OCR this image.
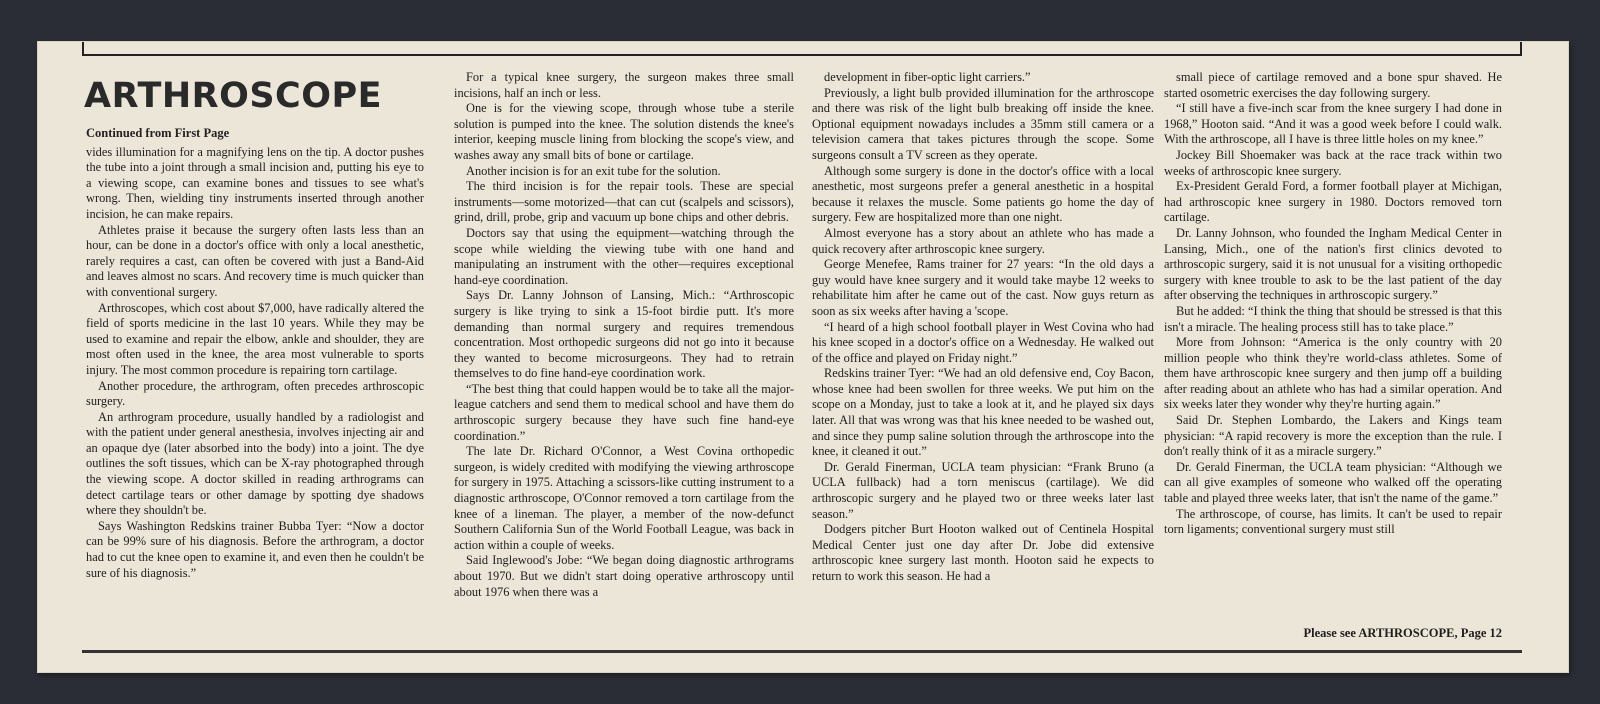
ARTHROSCOPE
Continued from First Page

vides illumination for a magnifying lens on the tip. A doctor pushes the tube into a joint through a small incision and, putting his eye to a viewing scope, can examine bones and tissues to see what's wrong. Then, wielding tiny instruments inserted through another incision, he can make repairs.

Athletes praise it because the surgery often lasts less than an hour, can be done in a doctor's office with only a local anesthetic, rarely requires a cast, can often be covered with just a Band-Aid and leaves almost no scars. And recovery time is much quicker than with conventional surgery.

Arthroscopes, which cost about $7,000, have radically altered the field of sports medicine in the last 10 years. While they may be used to examine and repair the elbow, ankle and shoulder, they are most often used in the knee, the area most vulnerable to sports injury. The most common procedure is repairing torn cartilage.

Another procedure, the arthrogram, often precedes arthroscopic surgery.

An arthrogram procedure, usually handled by a radiologist and with the patient under general anesthesia, involves injecting air and an opaque dye (later absorbed into the body) into a joint. The dye outlines the soft tissues, which can be X-ray photographed through the viewing scope. A doctor skilled in reading arthrograms can detect cartilage tears or other damage by spotting dye shadows where they shouldn't be.

Says Washington Redskins trainer Bubba Tyer: “Now a doctor can be 99% sure of his diagnosis. Before the arthrogram, a doctor had to cut the knee open to examine it, and even then he couldn't be sure of his diagnosis.”

For a typical knee surgery, the surgeon makes three small incisions, half an inch or less.

One is for the viewing scope, through whose tube a sterile solution is pumped into the knee. The solution distends the knee's interior, keeping muscle lining from blocking the scope's view, and washes away any small bits of bone or cartilage.

Another incision is for an exit tube for the solution.

The third incision is for the repair tools. These are special instruments—some motorized—that can cut (scalpels and scissors), grind, drill, probe, grip and vacuum up bone chips and other debris.

Doctors say that using the equipment—watching through the scope while wielding the viewing tube with one hand and manipulating an instrument with the other—requires exceptional hand-eye coordination.

Says Dr. Lanny Johnson of Lansing, Mich.: “Arthroscopic surgery is like trying to sink a 15-foot birdie putt. It's more demanding than normal surgery and requires tremendous concentration. Most orthopedic surgeons did not go into it because they wanted to become microsurgeons. They had to retrain themselves to do fine hand-eye coordination work.

“The best thing that could happen would be to take all the major-league catchers and send them to medical school and have them do arthroscopic surgery because they have such fine hand-eye coordination.”

The late Dr. Richard O'Connor, a West Covina orthopedic surgeon, is widely credited with modifying the viewing arthroscope for surgery in 1975. Attaching a scissors-like cutting instrument to a diagnostic arthroscope, O'Connor removed a torn cartilage from the knee of a lineman. The player, a member of the now-defunct Southern California Sun of the World Football League, was back in action within a couple of weeks.

Said Inglewood's Jobe: “We began doing diagnostic arthrograms about 1970. But we didn't start doing operative arthroscopy until about 1976 when there was a

development in fiber-optic light carriers.”

Previously, a light bulb provided illumination for the arthroscope and there was risk of the light bulb breaking off inside the knee. Optional equipment nowadays includes a 35mm still camera or a television camera that takes pictures through the scope. Some surgeons consult a TV screen as they operate.

Although some surgery is done in the doctor's office with a local anesthetic, most surgeons prefer a general anesthetic in a hospital because it relaxes the muscle. Some patients go home the day of surgery. Few are hospitalized more than one night.

Almost everyone has a story about an athlete who has made a quick recovery after arthroscopic knee surgery.

George Menefee, Rams trainer for 27 years: “In the old days a guy would have knee surgery and it would take maybe 12 weeks to rehabilitate him after he came out of the cast. Now guys return as soon as six weeks after having a 'scope.

“I heard of a high school football player in West Covina who had his knee scoped in a doctor's office on a Wednesday. He walked out of the office and played on Friday night.”

Redskins trainer Tyer: “We had an old defensive end, Coy Bacon, whose knee had been swollen for three weeks. We put him on the scope on a Monday, just to take a look at it, and he played six days later. All that was wrong was that his knee needed to be washed out, and since they pump saline solution through the arthroscope into the knee, it cleaned it out.”

Dr. Gerald Finerman, UCLA team physician: “Frank Bruno (a UCLA fullback) had a torn meniscus (cartilage). We did arthroscopic surgery and he played two or three weeks later last season.”

Dodgers pitcher Burt Hooton walked out of Centinela Hospital Medical Center just one day after Dr. Jobe did extensive arthroscopic knee surgery last month. Hooton said he expects to return to work this season. He had a

small piece of cartilage removed and a bone spur shaved. He started osometric exercises the day following surgery.

“I still have a five-inch scar from the knee surgery I had done in 1968,” Hooton said. “And it was a good week before I could walk. With the arthroscope, all I have is three little holes on my knee.”

Jockey Bill Shoemaker was back at the race track within two weeks of arthroscopic knee surgery.

Ex-President Gerald Ford, a former football player at Michigan, had arthroscopic knee surgery in 1980. Doctors removed torn cartilage.

Dr. Lanny Johnson, who founded the Ingham Medical Center in Lansing, Mich., one of the nation's first clinics devoted to arthroscopic surgery, said it is not unusual for a visiting orthopedic surgery with knee trouble to ask to be the last patient of the day after observing the techniques in arthroscopic surgery.”

But he added: “I think the thing that should be stressed is that this isn't a miracle. The healing process still has to take place.”

More from Johnson: “America is the only country with 20 million people who think they're world-class athletes. Some of them have arthroscopic knee surgery and then jump off a building after reading about an athlete who has had a similar operation. And six weeks later they wonder why they're hurting again.”

Said Dr. Stephen Lombardo, the Lakers and Kings team physician: “A rapid recovery is more the exception than the rule. I don't really think of it as a miracle surgery.”

Dr. Gerald Finerman, the UCLA team physician: “Although we can all give examples of someone who walked off the operating table and played three weeks later, that isn't the name of the game.”

The arthroscope, of course, has limits. It can't be used to repair torn ligaments; conventional surgery must still

Please see ARTHROSCOPE, Page 12
